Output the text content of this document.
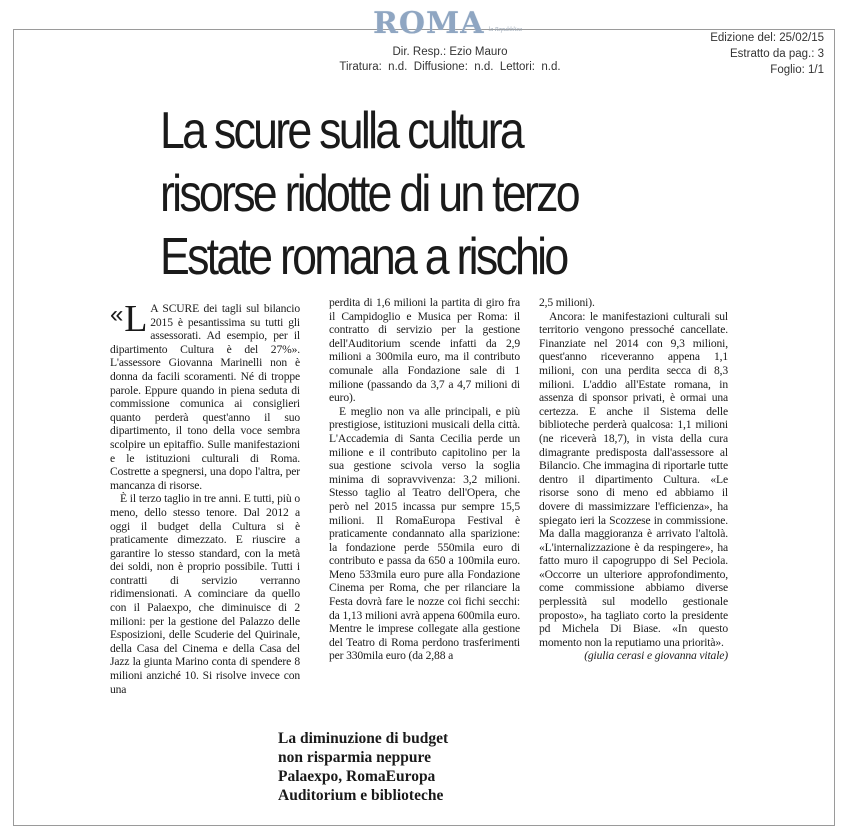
ROMA la Repubblica
Dir. Resp.: Ezio Mauro
Tiratura:  n.d.  Diffusione:  n.d.  Lettori:  n.d.
Edizione del: 25/02/15
Estratto da pag.: 3
Foglio: 1/1
La scure sulla cultura
risorse ridotte di un terzo
Estate romana a rischio

« L A SCURE dei tagli sul bilancio 2015 è pesantissima su tutti gli assessorati. Ad esempio, per il dipartimento Cultura è del 27%». L'assessore Giovanna Marinelli non è donna da facili scoramenti. Né di troppe parole. Eppure quando in piena seduta di commissione comunica ai consiglieri quanto perderà quest'anno il suo dipartimento, il tono della voce sembra scolpire un epitaffio. Sulle manifestazioni e le istituzioni culturali di Roma. Costrette a spegnersi, una dopo l'altra, per mancanza di risorse.

È il terzo taglio in tre anni. E tutti, più o meno, dello stesso tenore. Dal 2012 a oggi il budget della Cultura si è praticamente dimezzato. E riuscire a garantire lo stesso standard, con la metà dei soldi, non è proprio possibile. Tutti i contratti di servizio verranno ridimensionati. A cominciare da quello con il Palaexpo, che diminuisce di 2 milioni: per la gestione del Palazzo delle Esposizioni, delle Scuderie del Quirinale, della Casa del Cinema e della Casa del Jazz la giunta Marino conta di spendere 8 milioni anziché 10. Si risolve invece con una

perdita di 1,6 milioni la partita di giro fra il Campidoglio e Musica per Roma: il contratto di servizio per la gestione dell'Auditorium scende infatti da 2,9 milioni a 300mila euro, ma il contributo comunale alla Fondazione sale di 1 milione (passando da 3,7 a 4,7 milioni di euro).

E meglio non va alle principali, e più prestigiose, istituzioni musicali della città. L'Accademia di Santa Cecilia perde un milione e il contributo capitolino per la sua gestione scivola verso la soglia minima di sopravvivenza: 3,2 milioni. Stesso taglio al Teatro dell'Opera, che però nel 2015 incassa pur sempre 15,5 milioni. Il RomaEuropa Festival è praticamente condannato alla sparizione: la fondazione perde 550mila euro di contributo e passa da 650 a 100mila euro. Meno 533mila euro pure alla Fondazione Cinema per Roma, che per rilanciare la Festa dovrà fare le nozze coi fichi secchi: da 1,13 milioni avrà appena 600mila euro. Mentre le imprese collegate alla gestione del Teatro di Roma perdono trasferimenti per 330mila euro (da 2,88 a

2,5 milioni).

Ancora: le manifestazioni culturali sul territorio vengono pressoché cancellate. Finanziate nel 2014 con 9,3 milioni, quest'anno riceveranno appena 1,1 milioni, con una perdita secca di 8,3 milioni. L'addio all'Estate romana, in assenza di sponsor privati, è ormai una certezza. E anche il Sistema delle biblioteche perderà qualcosa: 1,1 milioni (ne riceverà 18,7), in vista della cura dimagrante predisposta dall'assessore al Bilancio. Che immagina di riportarle tutte dentro il dipartimento Cultura. «Le risorse sono di meno ed abbiamo il dovere di massimizzare l'efficienza», ha spiegato ieri la Scozzese in commissione. Ma dalla maggioranza è arrivato l'altolà. «L'internalizzazione è da respingere», ha fatto muro il capogruppo di Sel Peciola. «Occorre un ulteriore approfondimento, come commissione abbiamo diverse perplessità sul modello gestionale proposto», ha tagliato corto la presidente pd Michela Di Biase. «In questo momento non la reputiamo una priorità».

(giulia cerasi e giovanna vitale)

La diminuzione di budget
non risparmia neppure
Palaexpo, RomaEuropa
Auditorium e biblioteche
